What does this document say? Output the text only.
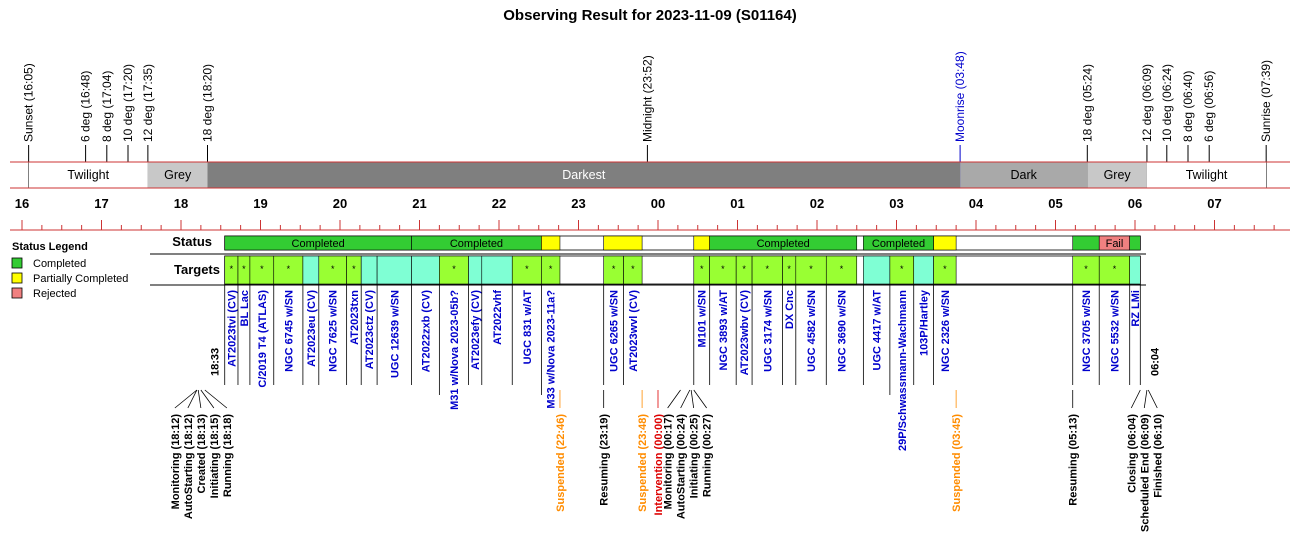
Observing Result for 2023-11-09 (S01164)
Sunset (16:05)	6 deg (16:48) 8 deg (17:04) 10 deg (17:20) 12 deg (17:35)	18 deg (18:20)	Midnight (23:52)	Moonrise (03:48)	18 deg (05:24)	12 deg (06:09) 10 deg (06:24) 8 deg (06:40) 6 deg (06:56)	Sunrise (07:39)
Twilight	Grey	Darkest	Dark	Grey	Twilight
16	17	18	19	20	21	22	23	00	01	02	03	04	05	06	07
Status
Targets
Completed	Completed	Completed	Completed	Fail
*
AT2023tvi (CV)
*
BL Lac
*
C/2019 T4 (ATLAS)
*
NGC 6745 w/SN AT2023eu (CV)
*
NGC 7625 w/SN
*
AT2023txn AT2023ctz (CV) UGC 12639 w/SN AT2022zxb (CV)
*
M31 w/Nova 2023-05b? AT2023efy (CV) AT2022vhf
*
UGC 831 w/AT
*
M33 w/Nova 2023-11a?
*
UGC 6265 w/SN
*
AT2023wvl (CV)
*
M101 w/SN
*
NGC 3893 w/AT
*
AT2023wbv (CV)
*
UGC 3174 w/SN
*
DX Cnc
*
UGC 4582 w/SN
*
NGC 3690 w/SN UGC 4417 w/AT
*
29P/Schwassmann-Wachmann 103P/Hartley
*
NGC 2326 w/SN
*
NGC 3705 w/SN
*
NGC 5532 w/SN RZ LMi
18:33	06:04
Monitoring (18:12) AutoStarting (18:12) Created (18:13) Initiating (18:15) Running (18:18)	Suspended (22:46)	Resuming (23:19) Suspended (23:48) Intervention (00:00)
Monitoring (00:17) AutoStarting (00:24) Initiating (00:25) Running (00:27)	Suspended (03:45)	Resuming (05:13)	Closing (06:04) Scheduled End (06:09) Finished (06:10)
Status Legend
Completed
Partially Completed
Rejected
